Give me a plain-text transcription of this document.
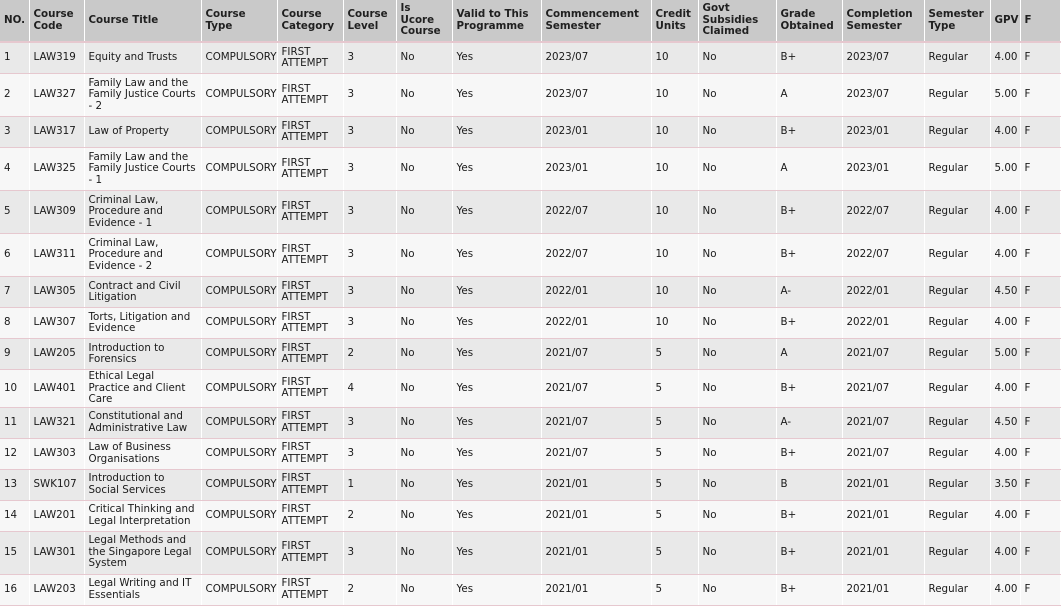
NO.	Course Code	Course Title	Course Type	Course Category	Course Level	Is Ucore Course	Valid to This Programme	Commencement Semester	Credit Units	Govt Subsidies Claimed	Grade Obtained	Completion Semester	Semester Type	GPV	F
1	LAW319	Equity and Trusts	COMPULSORY	FIRST ATTEMPT	3	No	Yes	2023/07	10	No	B+	2023/07	Regular	4.00	F
2	LAW327	Family Law and the Family Justice Courts - 2	COMPULSORY	FIRST ATTEMPT	3	No	Yes	2023/07	10	No	A	2023/07	Regular	5.00	F
3	LAW317	Law of Property	COMPULSORY	FIRST ATTEMPT	3	No	Yes	2023/01	10	No	B+	2023/01	Regular	4.00	F
4	LAW325	Family Law and the Family Justice Courts - 1	COMPULSORY	FIRST ATTEMPT	3	No	Yes	2023/01	10	No	A	2023/01	Regular	5.00	F
5	LAW309	Criminal Law, Procedure and Evidence - 1	COMPULSORY	FIRST ATTEMPT	3	No	Yes	2022/07	10	No	B+	2022/07	Regular	4.00	F
6	LAW311	Criminal Law, Procedure and Evidence - 2	COMPULSORY	FIRST ATTEMPT	3	No	Yes	2022/07	10	No	B+	2022/07	Regular	4.00	F
7	LAW305	Contract and Civil Litigation	COMPULSORY	FIRST ATTEMPT	3	No	Yes	2022/01	10	No	A-	2022/01	Regular	4.50	F
8	LAW307	Torts, Litigation and Evidence	COMPULSORY	FIRST ATTEMPT	3	No	Yes	2022/01	10	No	B+	2022/01	Regular	4.00	F
9	LAW205	Introduction to Forensics	COMPULSORY	FIRST ATTEMPT	2	No	Yes	2021/07	5	No	A	2021/07	Regular	5.00	F
10	LAW401	Ethical Legal Practice and Client Care	COMPULSORY	FIRST ATTEMPT	4	No	Yes	2021/07	5	No	B+	2021/07	Regular	4.00	F
11	LAW321	Constitutional and Administrative Law	COMPULSORY	FIRST ATTEMPT	3	No	Yes	2021/07	5	No	A-	2021/07	Regular	4.50	F
12	LAW303	Law of Business Organisations	COMPULSORY	FIRST ATTEMPT	3	No	Yes	2021/07	5	No	B+	2021/07	Regular	4.00	F
13	SWK107	Introduction to Social Services	COMPULSORY	FIRST ATTEMPT	1	No	Yes	2021/01	5	No	B	2021/01	Regular	3.50	F
14	LAW201	Critical Thinking and Legal Interpretation	COMPULSORY	FIRST ATTEMPT	2	No	Yes	2021/01	5	No	B+	2021/01	Regular	4.00	F
15	LAW301	Legal Methods and the Singapore Legal System	COMPULSORY	FIRST ATTEMPT	3	No	Yes	2021/01	5	No	B+	2021/01	Regular	4.00	F
16	LAW203	Legal Writing and IT Essentials	COMPULSORY	FIRST ATTEMPT	2	No	Yes	2021/01	5	No	B+	2021/01	Regular	4.00	F
